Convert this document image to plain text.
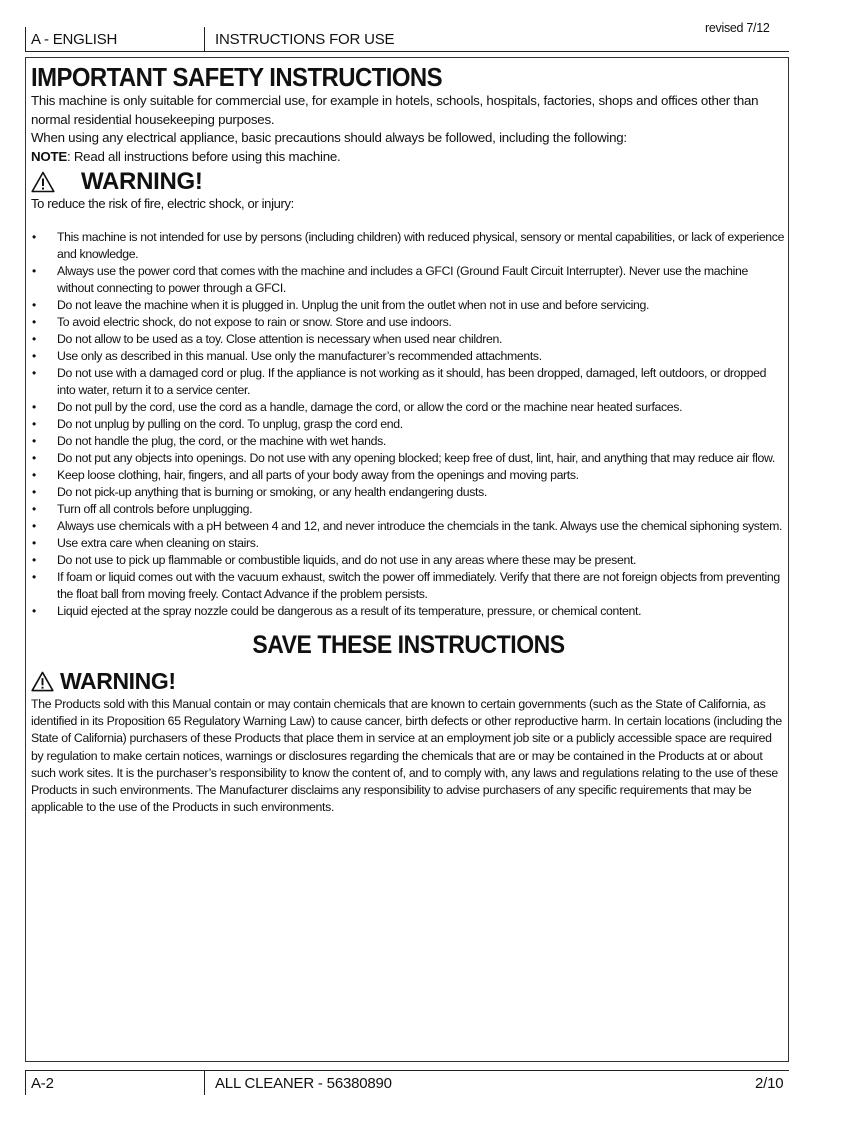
A - ENGLISH	INSTRUCTIONS FOR USE
revised 7/12
IMPORTANT SAFETY INSTRUCTIONS

This machine is only suitable for commercial use, for example in hotels, schools, hospitals, factories, shops and offices other than normal residential housekeeping purposes.

When using any electrical appliance, basic precautions should always be followed, including the following:

NOTE: Read all instructions before using this machine.

WARNING!
To reduce the risk of fire, electric shock, or injury:
• This machine is not intended for use by persons (including children) with reduced physical, sensory or mental capabilities, or lack of experience and knowledge.
• Always use the power cord that comes with the machine and includes a GFCI (Ground Fault Circuit Interrupter). Never use the machine without connecting to power through a GFCI.
• Do not leave the machine when it is plugged in. Unplug the unit from the outlet when not in use and before servicing.
• To avoid electric shock, do not expose to rain or snow. Store and use indoors.
• Do not allow to be used as a toy. Close attention is necessary when used near children.
• Use only as described in this manual. Use only the manufacturer’s recommended attachments.
• Do not use with a damaged cord or plug. If the appliance is not working as it should, has been dropped, damaged, left outdoors, or dropped into water, return it to a service center.
• Do not pull by the cord, use the cord as a handle, damage the cord, or allow the cord or the machine near heated surfaces.
• Do not unplug by pulling on the cord. To unplug, grasp the cord end.
• Do not handle the plug, the cord, or the machine with wet hands.
• Do not put any objects into openings. Do not use with any opening blocked; keep free of dust, lint, hair, and anything that may reduce air flow.
• Keep loose clothing, hair, fingers, and all parts of your body away from the openings and moving parts.
• Do not pick-up anything that is burning or smoking, or any health endangering dusts.
• Turn off all controls before unplugging.
• Always use chemicals with a pH between 4 and 12, and never introduce the chemcials in the tank. Always use the chemical siphoning system.
• Use extra care when cleaning on stairs.
• Do not use to pick up flammable or combustible liquids, and do not use in any areas where these may be present.
• If foam or liquid comes out with the vacuum exhaust, switch the power off immediately. Verify that there are not foreign objects from preventing the float ball from moving freely. Contact Advance if the problem persists.
• Liquid ejected at the spray nozzle could be dangerous as a result of its temperature, pressure, or chemical content.
SAVE THESE INSTRUCTIONS
WARNING!
The Products sold with this Manual contain or may contain chemicals that are known to certain governments (such as the State of California, as identified in its Proposition 65 Regulatory Warning Law) to cause cancer, birth defects or other reproductive harm. In certain locations (including the State of California) purchasers of these Products that place them in service at an employment job site or a publicly accessible space are required by regulation to make certain notices, warnings or disclosures regarding the chemicals that are or may be contained in the Products at or about such work sites. It is the purchaser’s responsibility to know the content of, and to comply with, any laws and regulations relating to the use of these Products in such environments. The Manufacturer disclaims any responsibility to advise purchasers of any specific requirements that may be applicable to the use of the Products in such environments.
A-2	ALL CLEANER - 56380890	2/10
